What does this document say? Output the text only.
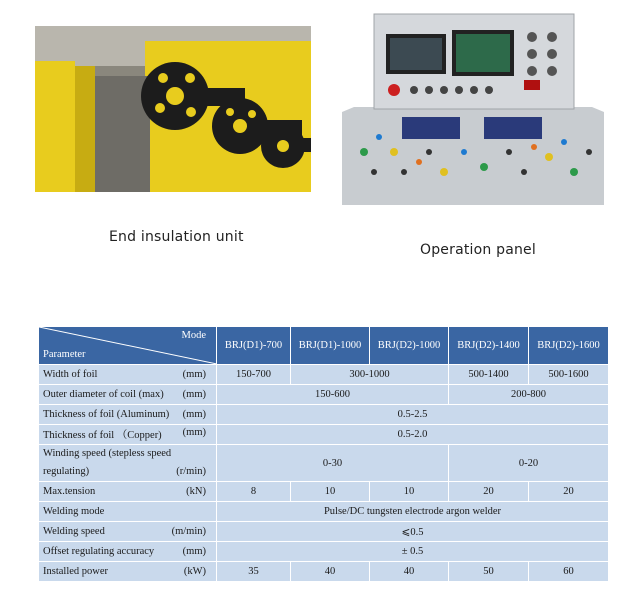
End insulation unit
Operation panel
Mode
Parameter	BRJ(D1)-700	BRJ(D1)-1000	BRJ(D2)-1000	BRJ(D2)-1400	BRJ(D2)-1600
Width of foil (mm)	150-700	300-1000		500-1400	500-1600
Outer diameter of coil (max) (mm)	150-600			200-800	
Thickness of foil (Aluminum) (mm)	0.5-2.5				
Thickness of foil （Copper) (mm)	0.5-2.0				

(r/min)
Winding speed (stepless speed regulating)	0-30			0-20	
Max.tension (kN)	8	10	10	20	20
Welding mode	Pulse/DC tungsten electrode argon welder				
Welding speed (m/min)	⩽0.5				
Offset regulating accuracy (mm)	± 0.5				
Installed power (kW)	35	40	40	50	60
